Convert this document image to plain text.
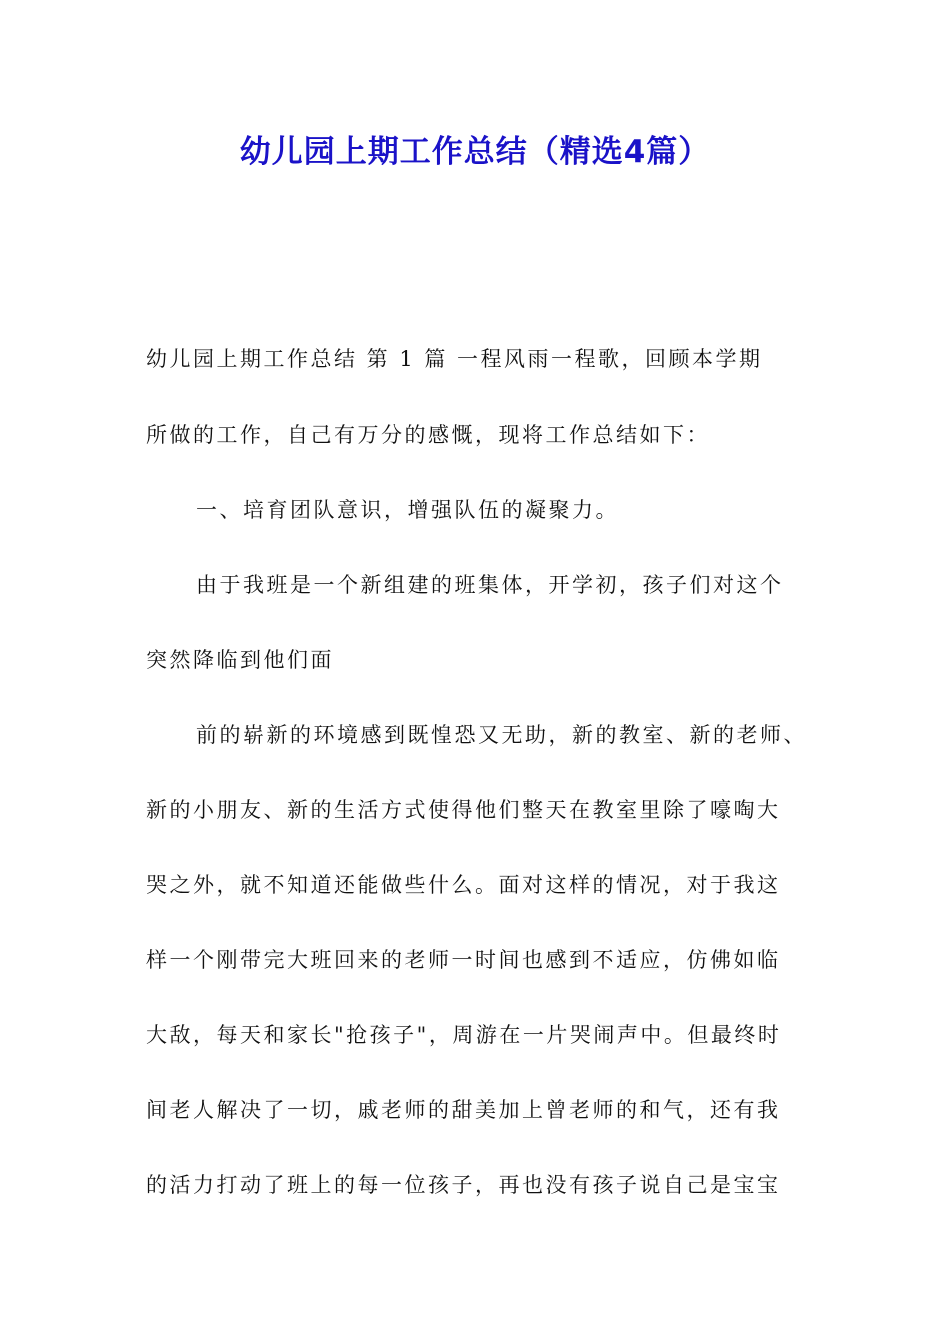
幼儿园上期工作总结（精选4篇）

幼儿园上期工作总结 第 1 篇 一程风雨一程歌，回顾本学期

所做的工作，自己有万分的感慨，现将工作总结如下：

一、培育团队意识，增强队伍的凝聚力。

由于我班是一个新组建的班集体，开学初，孩子们对这个

突然降临到他们面

前的崭新的环境感到既惶恐又无助，新的教室、新的老师、

新的小朋友、新的生活方式使得他们整天在教室里除了嚎啕大

哭之外，就不知道还能做些什么。面对这样的情况，对于我这

样一个刚带完大班回来的老师一时间也感到不适应，仿佛如临

大敌，每天和家长"抢孩子"，周游在一片哭闹声中。但最终时

间老人解决了一切，戚老师的甜美加上曾老师的和气，还有我

的活力打动了班上的每一位孩子，再也没有孩子说自己是宝宝
